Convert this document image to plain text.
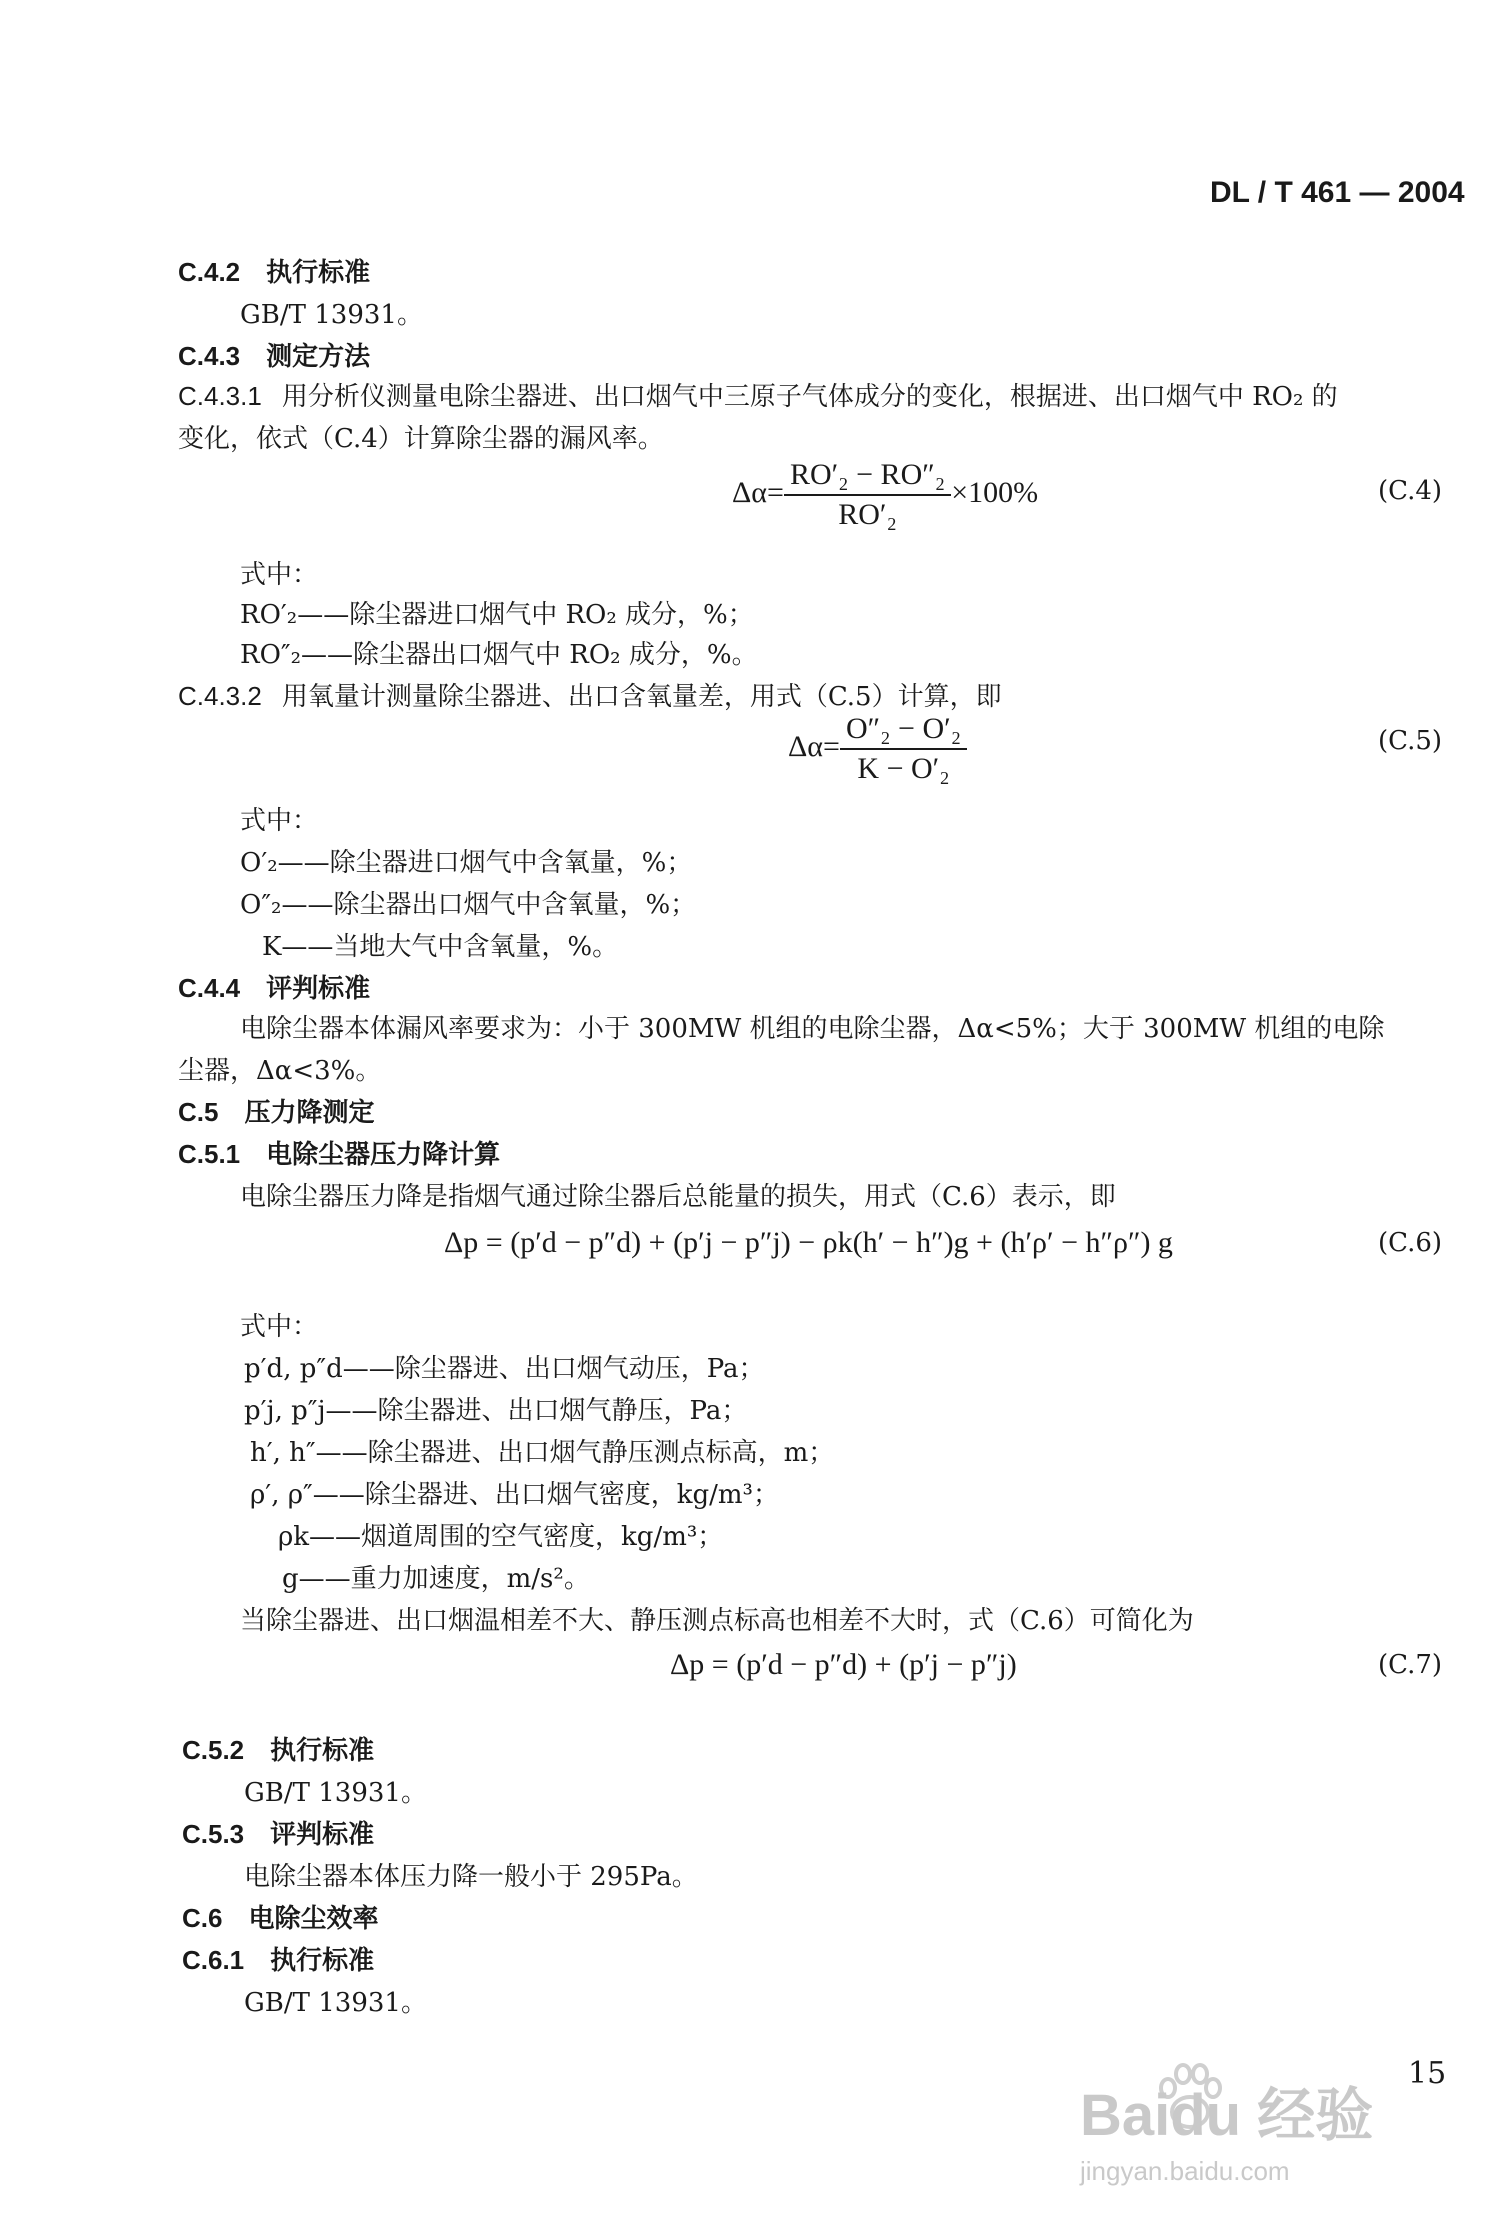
DL / T 461 — 2004
C.4.2 执行标准
GB/T 13931。
C.4.3 测定方法
C.4.3.1 用分析仪测量电除尘器进、出口烟气中三原子气体成分的变化，根据进、出口烟气中 RO₂ 的
变化，依式（C.4）计算除尘器的漏风率。
$\Delta\alpha= \frac{\text{RO′₂ − RO″₂}}{\text{RO′₂}} \times 100\%$	(C.4)
式中：
RO′₂——除尘器进口烟气中 RO₂ 成分，%；
RO″₂——除尘器出口烟气中 RO₂ 成分，%。
C.4.3.2 用氧量计测量除尘器进、出口含氧量差，用式（C.5）计算，即
$\Delta\alpha= \frac{\text{O″₂ − O′₂}}{\text{K − O′₂}}$	(C.5)
式中：
O′₂——除尘器进口烟气中含氧量，%；
O″₂——除尘器出口烟气中含氧量，%；
K——当地大气中含氧量，%。
C.4.4 评判标准
电除尘器本体漏风率要求为：小于 300MW 机组的电除尘器，Δα<5%；大于 300MW 机组的电除
尘器，Δα<3%。
C.5 压力降测定
C.5.1 电除尘器压力降计算
电除尘器压力降是指烟气通过除尘器后总能量的损失，用式（C.6）表示，即
Δp = (p′d − p″d) + (p′j − p″j) − ρk(h′ − h″)g + (h′ρ′ − h″ρ″) g	(C.6)
式中：
p′d, p″d——除尘器进、出口烟气动压，Pa；
p′j, p″j——除尘器进、出口烟气静压，Pa；
h′, h″——除尘器进、出口烟气静压测点标高，m；
ρ′, ρ″——除尘器进、出口烟气密度，kg/m³；
ρk——烟道周围的空气密度，kg/m³；
g——重力加速度，m/s²。
当除尘器进、出口烟温相差不大、静压测点标高也相差不大时，式（C.6）可简化为
Δp = (p′d − p″d) + (p′j − p″j)	(C.7)
C.5.2 执行标准
GB/T 13931。
C.5.3 评判标准
电除尘器本体压力降一般小于 295Pa。
C.6 电除尘效率
C.6.1 执行标准
GB/T 13931。
15
Baidu 经验
jingyan.baidu.com
